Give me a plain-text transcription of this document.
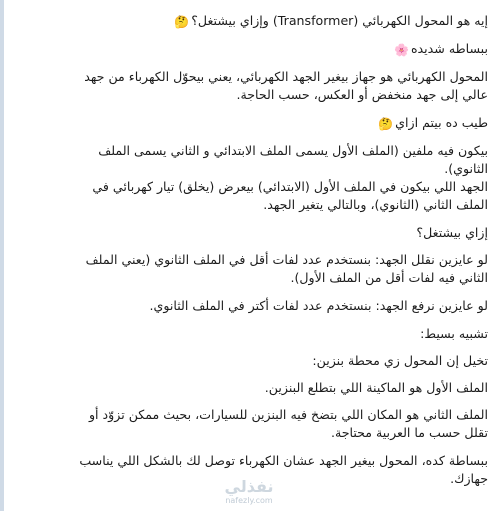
إيه هو المحول الكهربائي (Transformer) وإزاي بيشتغل؟🤔
ببساطه شديده🌸
المحول الكهربائي هو جهاز بيغير الجهد الكهربائي، يعني بيحوّل الكهرباء من جهد
عالي إلى جهد منخفض أو العكس، حسب الحاجة.
طيب ده بيتم ازاي🤔
بيكون فيه ملفين (الملف الأول يسمى الملف الابتدائي و الثاني يسمى الملف
الثانوي).
الجهد اللي بيكون في الملف الأول (الابتدائي) بيعرض (يخلق) تيار كهربائي في
الملف الثاني (الثانوي)، وبالتالي يتغير الجهد.
إزاي بيشتغل؟
لو عايزين نقلل الجهد: بنستخدم عدد لفات أقل في الملف الثانوي (يعني الملف
الثاني فيه لفات أقل من الملف الأول).
لو عايزين نرفع الجهد: بنستخدم عدد لفات أكتر في الملف الثانوي.
تشبيه بسيط:
تخيل إن المحول زي محطة بنزين:
الملف الأول هو الماكينة اللي بتطلع البنزين.
الملف الثاني هو المكان اللي بتضخ فيه البنزين للسيارات، بحيث ممكن تزوّد أو
تقلل حسب ما العربية محتاجة.
ببساطة كده، المحول بيغير الجهد عشان الكهرباء توصل لك بالشكل اللي يناسب
جهازك.
نفذلي
nafezly.com
